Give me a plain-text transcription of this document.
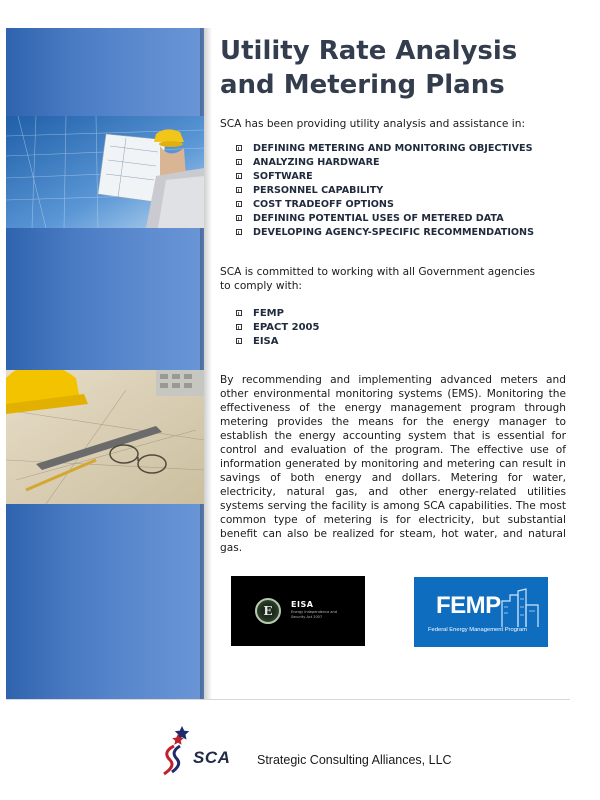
Utility Rate Analysis and Metering Plans

SCA has been providing utility analysis and assistance in:

DEFINING METERING AND MONITORING OBJECTIVES
ANALYZING HARDWARE
SOFTWARE
PERSONNEL CAPABILITY
COST TRADEOFF OPTIONS
DEFINING POTENTIAL USES OF METERED DATA
DEVELOPING AGENCY-SPECIFIC RECOMMENDATIONS

SCA is committed to working with all Government agencies to comply with:

FEMP
EPACT 2005
EISA

By recommending and implementing advanced meters and other environmental monitoring systems (EMS). Monitoring the effectiveness of the energy management program through metering provides the means for the energy manager to establish the energy accounting system that is essential for control and evaluation of the program. The effective use of information generated by monitoring and metering can result in savings of both energy and dollars. Metering for water, electricity, natural gas, and other energy-related utilities systems serving the facility is among SCA capabilities. The most common type of metering is for electricity, but substantial benefit can also be realized for steam, hot water, and natural gas.

E	EISA
Energy Independence and Security Act 2007	FEMP
Federal Energy Management Program
SCA Strategic Consulting Alliances, LLC
